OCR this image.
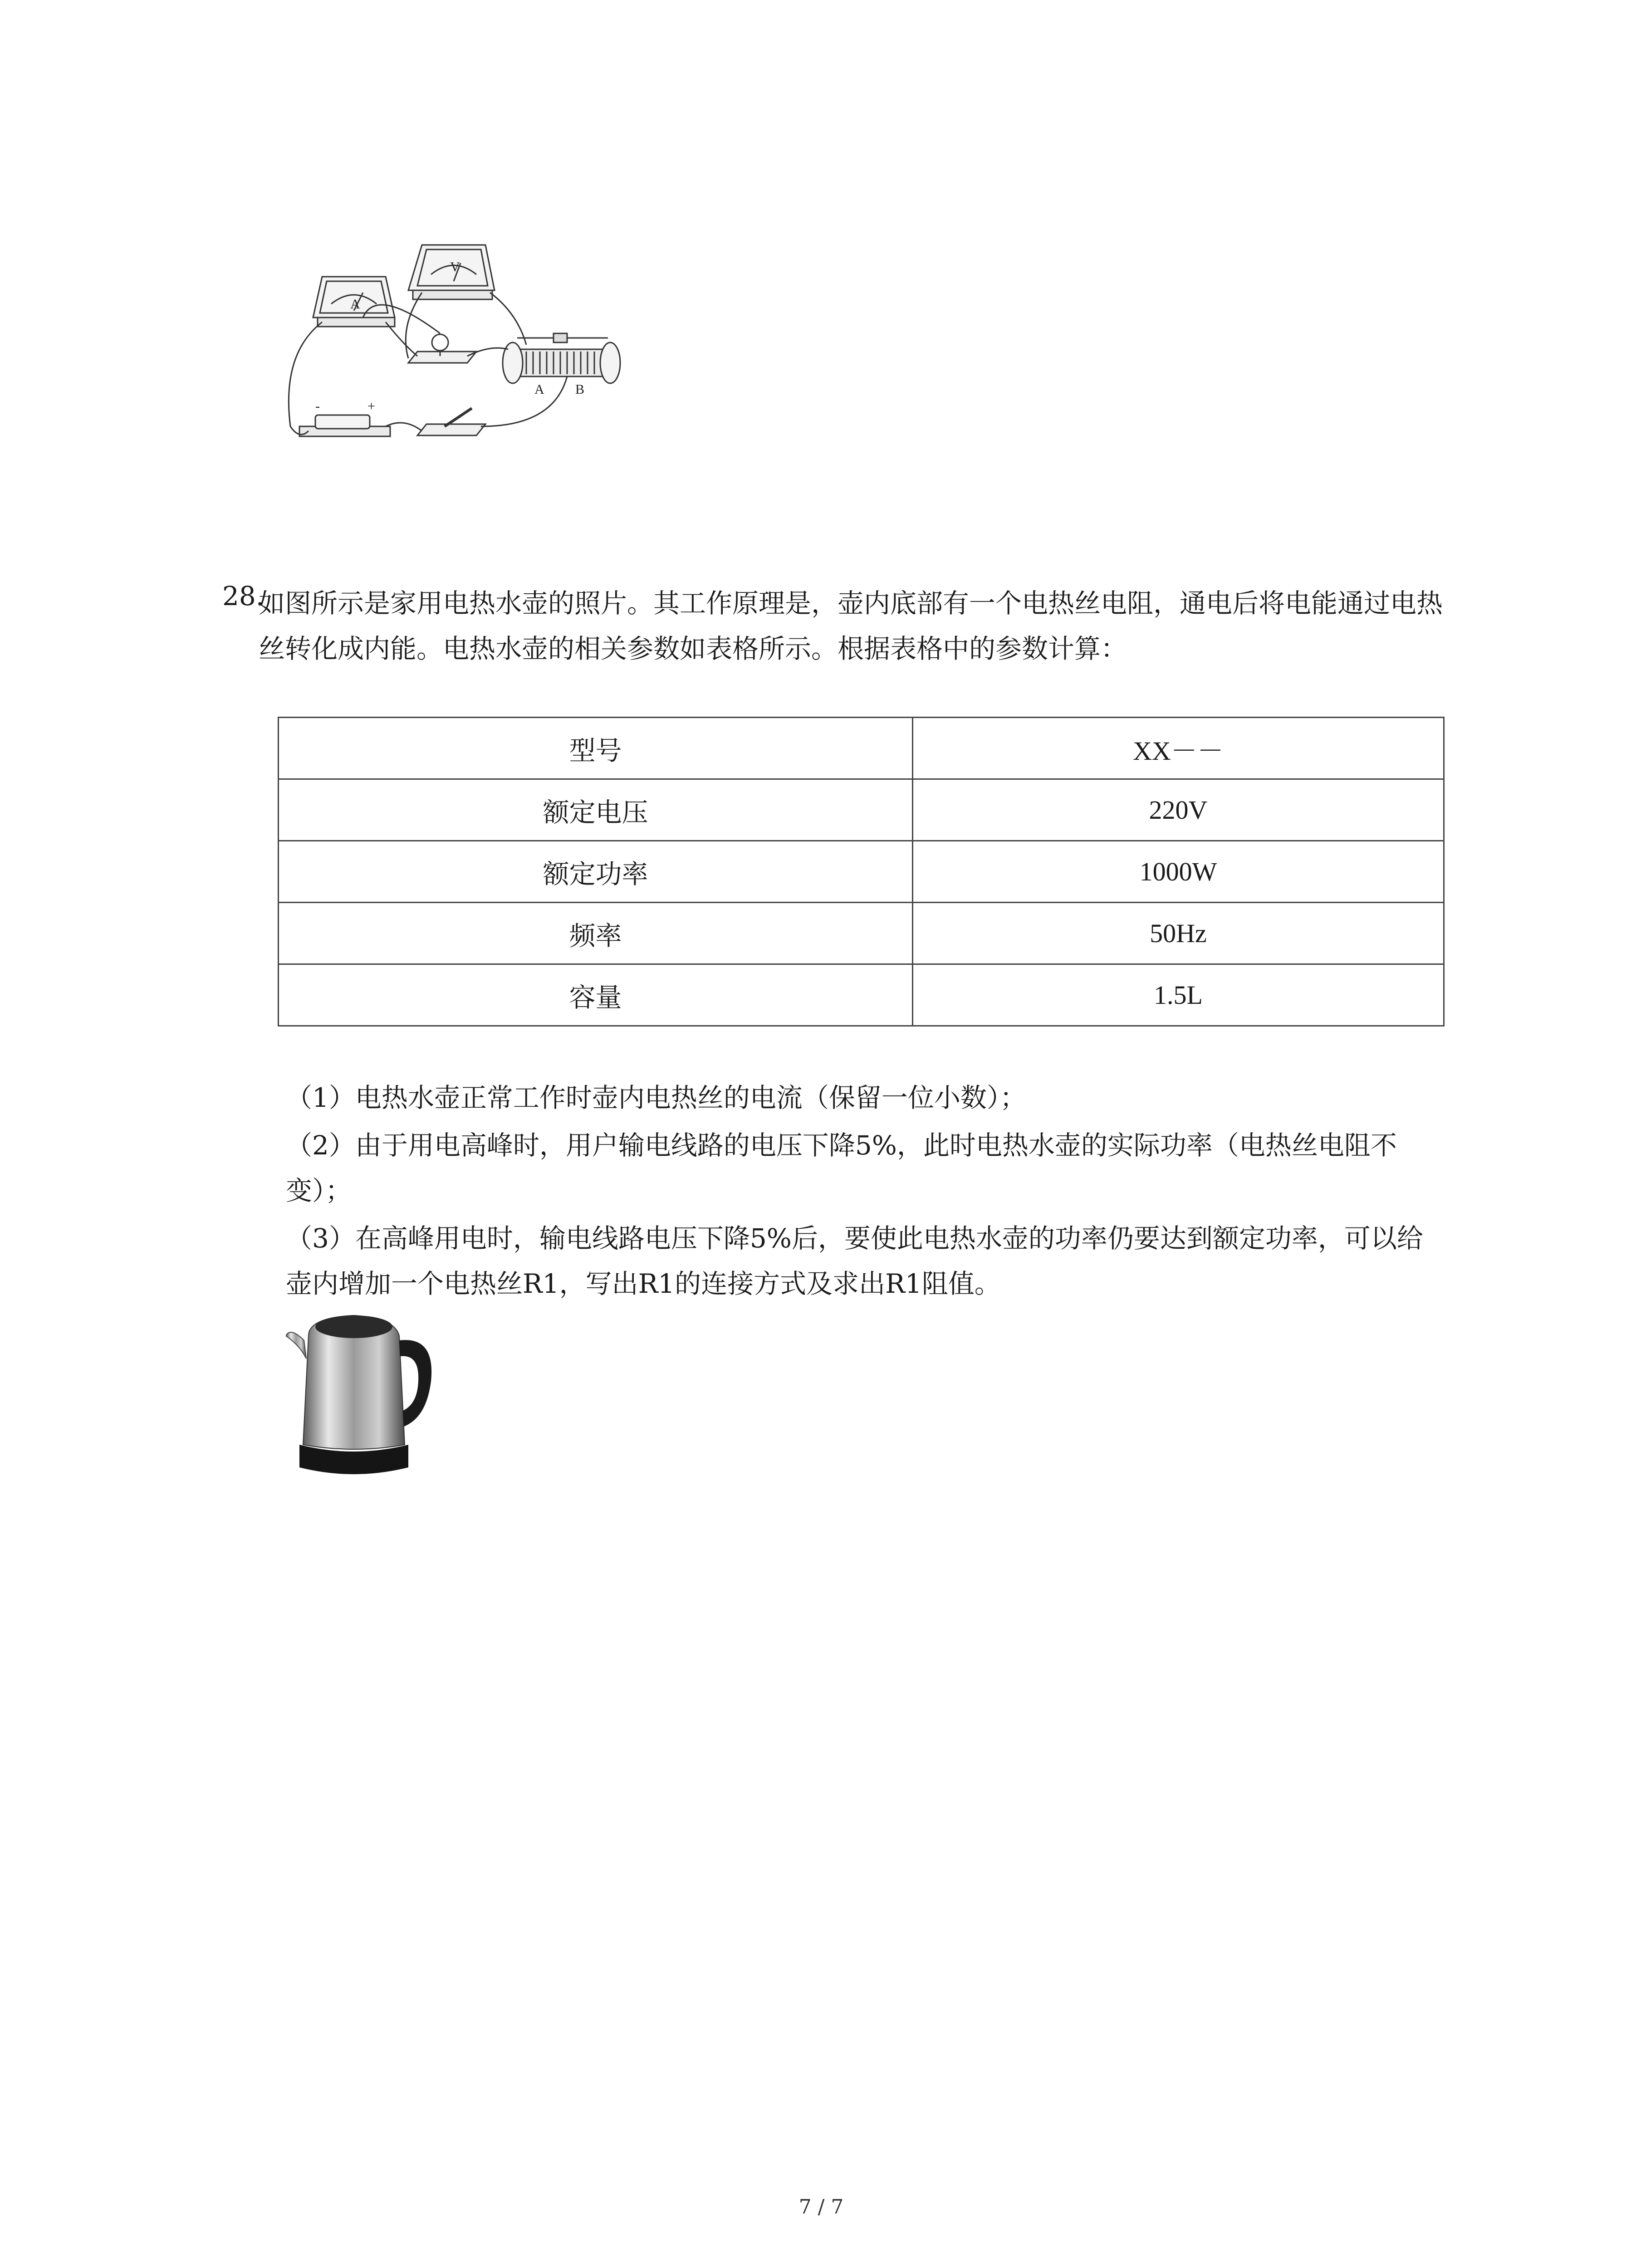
A
V
-	+
A B
28.
如图所示是家用电热水壶的照片。其工作原理是，壶内底部有一个电热丝电阻，通电后将电能通过电热丝转化成内能。电热水壶的相关参数如表格所示。根据表格中的参数计算：
型号	XX－－
额定电压	220V
额定功率	1000W
频率	50Hz
容量	1.5L
（1）电热水壶正常工作时壶内电热丝的电流（保留一位小数）；
（2）由于用电高峰时，用户输电线路的电压下降5%，此时电热水壶的实际功率（电热丝电阻不变）；
（3）在高峰用电时，输电线路电压下降5%后，要使此电热水壶的功率仍要达到额定功率，可以给壶内增加一个电热丝R1，写出R1的连接方式及求出R1阻值。
7 / 7
